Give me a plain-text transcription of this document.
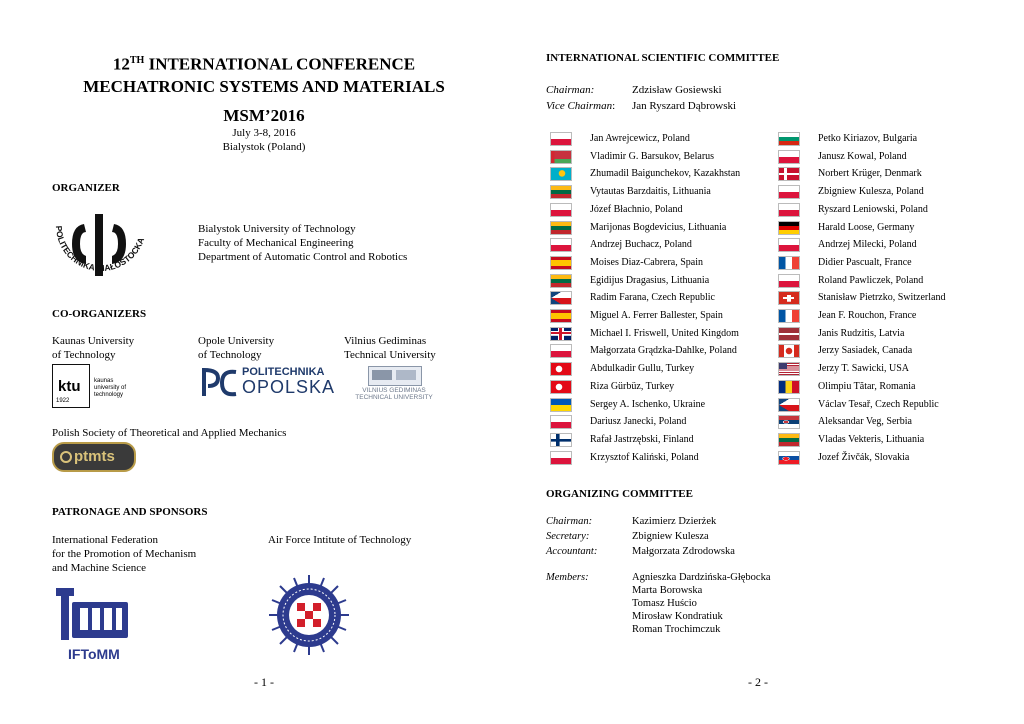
12TH INTERNATIONAL CONFERENCE
MECHATRONIC SYSTEMS AND MATERIALS
MSM’2016
July 3-8, 2016
Bialystok (Poland)
ORGANIZER
POLITECHNIKA BIAŁOSTOCKA
Bialystok University of Technology
Faculty of Mechanical Engineering
Department of Automatic Control and Robotics
CO-ORGANIZERS
Kaunas University
of Technology
Opole University
of Technology
Vilnius Gediminas
Technical University
ktu
1922
kaunas
university of
technology
POLITECHNIKA
OPOLSKA	VILNIUS GEDIMINAS
TECHNICAL UNIVERSITY
Polish Society of Theoretical and Applied Mechanics
ptmts
PATRONAGE AND SPONSORS
International Federation
for the Promotion of Mechanism
and Machine Science
Air Force Intitute of Technology
IFToMM
- 1 -
INTERNATIONAL SCIENTIFIC COMMITTEE
Chairman:	Zdzisław Gosiewski
Vice Chairman: Jan Ryszard Dąbrowski
Jan Awrejcewicz, Poland
Vladimir G. Barsukov, Belarus
Zhumadil Baigunchekov, Kazakhstan
Vytautas Barzdaitis, Lithuania
Józef Błachnio, Poland
Marijonas Bogdevicius, Lithuania
Andrzej Buchacz, Poland
Moises Diaz-Cabrera, Spain
Egidijus Dragasius, Lithuania
Radim Farana, Czech Republic
Miguel A. Ferrer Ballester, Spain
Michael I. Friswell, United Kingdom
Małgorzata Grądzka-Dahlke, Poland
Abdulkadir Gullu, Turkey
Riza Gürbüz, Turkey
Sergey A. Ischenko, Ukraine
Dariusz Janecki, Poland
Rafał Jastrzębski, Finland
Krzysztof Kaliński, Poland
Petko Kiriazov, Bulgaria
Janusz Kowal, Poland
Norbert Krüger, Denmark
Zbigniew Kulesza, Poland
Ryszard Leniowski, Poland
Harald Loose, Germany
Andrzej Milecki, Poland
Didier Pascualt, France
Roland Pawliczek, Poland
Stanisław Pietrzko, Switzerland
Jean F. Rouchon, France
Janis Rudzitis, Latvia
Jerzy Sasiadek, Canada
Jerzy T. Sawicki, USA
Olimpiu Tătar, Romania
Václav Tesař, Czech Republic
Aleksandar Veg, Serbia
Vladas Vekteris, Lithuania
Jozef Živčák, Slovakia
ORGANIZING COMMITTEE
Chairman:	Kazimierz Dzierżek
Secretary:	Zbigniew Kulesza
Accountant:	Małgorzata Zdrodowska
Members:	Agnieszka Dardzińska-Głębocka
Marta Borowska
Tomasz Huścio
Mirosław Kondratiuk
Roman Trochimczuk
- 2 -
